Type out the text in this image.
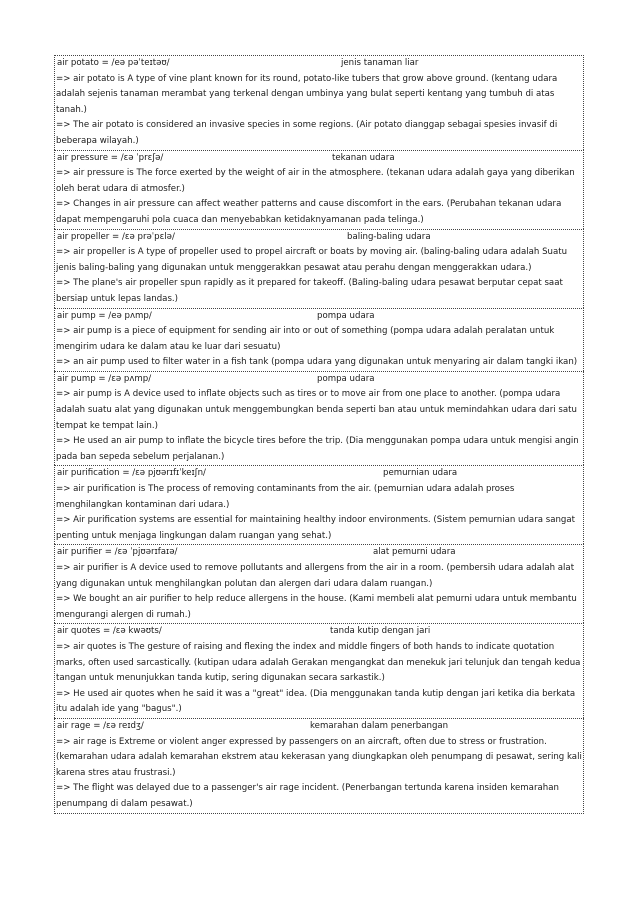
air potato = /eə pəˈteɪtəʊ/	jenis tanaman liar
=> air potato is A type of vine plant known for its round, potato-like tubers that grow above ground. (kentang udara adalah sejenis tanaman merambat yang terkenal dengan umbinya yang bulat seperti kentang yang tumbuh di atas tanah.)
=> The air potato is considered an invasive species in some regions. (Air potato dianggap sebagai spesies invasif di beberapa wilayah.)
air pressure = /ɛə ˈprɛʃə/	tekanan udara
=> air pressure is The force exerted by the weight of air in the atmosphere. (tekanan udara adalah gaya yang diberikan oleh berat udara di atmosfer.)
=> Changes in air pressure can affect weather patterns and cause discomfort in the ears. (Perubahan tekanan udara dapat mempengaruhi pola cuaca dan menyebabkan ketidaknyamanan pada telinga.)
air propeller = /ɛə prəˈpɛlə/	baling-baling udara
=> air propeller is A type of propeller used to propel aircraft or boats by moving air. (baling-baling udara adalah Suatu jenis baling-baling yang digunakan untuk menggerakkan pesawat atau perahu dengan menggerakkan udara.)
=> The plane's air propeller spun rapidly as it prepared for takeoff. (Baling-baling udara pesawat berputar cepat saat bersiap untuk lepas landas.)
air pump = /eə pʌmp/	pompa udara
=> air pump is a piece of equipment for sending air into or out of something (pompa udara adalah peralatan untuk mengirim udara ke dalam atau ke luar dari sesuatu)
=> an air pump used to filter water in a fish tank (pompa udara yang digunakan untuk menyaring air dalam tangki ikan)
air pump = /ɛə pʌmp/	pompa udara
=> air pump is A device used to inflate objects such as tires or to move air from one place to another. (pompa udara adalah suatu alat yang digunakan untuk menggembungkan benda seperti ban atau untuk memindahkan udara dari satu tempat ke tempat lain.)
=> He used an air pump to inflate the bicycle tires before the trip. (Dia menggunakan pompa udara untuk mengisi angin pada ban sepeda sebelum perjalanan.)
air purification = /ɛə pjʊərɪfɪˈkeɪʃn/	pemurnian udara
=> air purification is The process of removing contaminants from the air. (pemurnian udara adalah proses menghilangkan kontaminan dari udara.)
=> Air purification systems are essential for maintaining healthy indoor environments. (Sistem pemurnian udara sangat penting untuk menjaga lingkungan dalam ruangan yang sehat.)
air purifier = /ɛə ˈpjʊərɪfaɪə/	alat pemurni udara
=> air purifier is A device used to remove pollutants and allergens from the air in a room. (pembersih udara adalah alat yang digunakan untuk menghilangkan polutan dan alergen dari udara dalam ruangan.)
=> We bought an air purifier to help reduce allergens in the house. (Kami membeli alat pemurni udara untuk membantu mengurangi alergen di rumah.)
air quotes = /ɛə kwəʊts/	tanda kutip dengan jari
=> air quotes is The gesture of raising and flexing the index and middle fingers of both hands to indicate quotation marks, often used sarcastically. (kutipan udara adalah Gerakan mengangkat dan menekuk jari telunjuk dan tengah kedua tangan untuk menunjukkan tanda kutip, sering digunakan secara sarkastik.)
=> He used air quotes when he said it was a "great" idea. (Dia menggunakan tanda kutip dengan jari ketika dia berkata itu adalah ide yang "bagus".)
air rage = /ɛə reɪdʒ/	kemarahan dalam penerbangan
=> air rage is Extreme or violent anger expressed by passengers on an aircraft, often due to stress or frustration. (kemarahan udara adalah kemarahan ekstrem atau kekerasan yang diungkapkan oleh penumpang di pesawat, sering kali karena stres atau frustrasi.)
=> The flight was delayed due to a passenger's air rage incident. (Penerbangan tertunda karena insiden kemarahan penumpang di dalam pesawat.)
